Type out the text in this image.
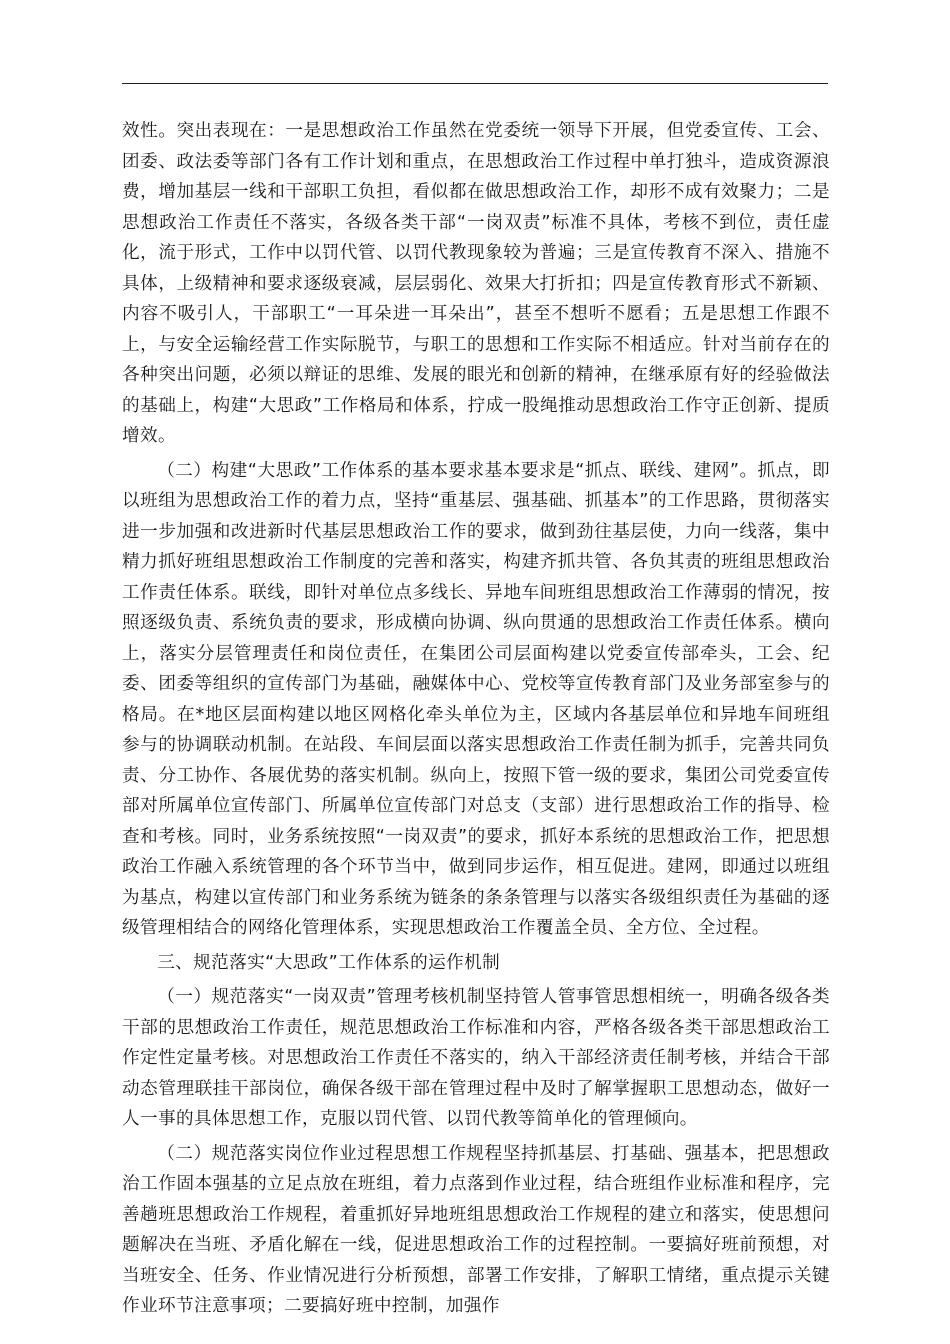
效性。突出表现在：一是思想政治工作虽然在党委统一领导下开展，但党委宣传、工会、团委、政法委等部门各有工作计划和重点，在思想政治工作过程中单打独斗，造成资源浪费，增加基层一线和干部职工负担，看似都在做思想政治工作，却形不成有效聚力；二是思想政治工作责任不落实，各级各类干部“一岗双责”标准不具体，考核不到位，责任虚化，流于形式，工作中以罚代管、以罚代教现象较为普遍；三是宣传教育不深入、措施不具体，上级精神和要求逐级衰减，层层弱化、效果大打折扣；四是宣传教育形式不新颖、内容不吸引人，干部职工“一耳朵进一耳朵出”，甚至不想听不愿看；五是思想工作跟不上，与安全运输经营工作实际脱节，与职工的思想和工作实际不相适应。针对当前存在的各种突出问题，必须以辩证的思维、发展的眼光和创新的精神，在继承原有好的经验做法的基础上，构建“大思政”工作格局和体系，拧成一股绳推动思想政治工作守正创新、提质增效。

（二）构建“大思政”工作体系的基本要求基本要求是“抓点、联线、建网”。抓点，即以班组为思想政治工作的着力点，坚持“重基层、强基础、抓基本”的工作思路，贯彻落实进一步加强和改进新时代基层思想政治工作的要求，做到劲往基层使，力向一线落，集中精力抓好班组思想政治工作制度的完善和落实，构建齐抓共管、各负其责的班组思想政治工作责任体系。联线，即针对单位点多线长、异地车间班组思想政治工作薄弱的情况，按照逐级负责、系统负责的要求，形成横向协调、纵向贯通的思想政治工作责任体系。横向上，落实分层管理责任和岗位责任，在集团公司层面构建以党委宣传部牵头，工会、纪委、团委等组织的宣传部门为基础，融媒体中心、党校等宣传教育部门及业务部室参与的格局。在*地区层面构建以地区网格化牵头单位为主，区域内各基层单位和异地车间班组参与的协调联动机制。在站段、车间层面以落实思想政治工作责任制为抓手，完善共同负责、分工协作、各展优势的落实机制。纵向上，按照下管一级的要求，集团公司党委宣传部对所属单位宣传部门、所属单位宣传部门对总支（支部）进行思想政治工作的指导、检查和考核。同时，业务系统按照“一岗双责”的要求，抓好本系统的思想政治工作，把思想政治工作融入系统管理的各个环节当中，做到同步运作，相互促进。建网，即通过以班组为基点，构建以宣传部门和业务系统为链条的条条管理与以落实各级组织责任为基础的逐级管理相结合的网络化管理体系，实现思想政治工作覆盖全员、全方位、全过程。

三、规范落实“大思政”工作体系的运作机制

（一）规范落实“一岗双责”管理考核机制坚持管人管事管思想相统一，明确各级各类干部的思想政治工作责任，规范思想政治工作标准和内容，严格各级各类干部思想政治工作定性定量考核。对思想政治工作责任不落实的，纳入干部经济责任制考核，并结合干部动态管理联挂干部岗位，确保各级干部在管理过程中及时了解掌握职工思想动态，做好一人一事的具体思想工作，克服以罚代管、以罚代教等简单化的管理倾向。

（二）规范落实岗位作业过程思想工作规程坚持抓基层、打基础、强基本，把思想政治工作固本强基的立足点放在班组，着力点落到作业过程，结合班组作业标准和程序，完善趟班思想政治工作规程，着重抓好异地班组思想政治工作规程的建立和落实，使思想问题解决在当班、矛盾化解在一线，促进思想政治工作的过程控制。一要搞好班前预想，对当班安全、任务、作业情况进行分析预想，部署工作安排，了解职工情绪，重点提示关键作业环节注意事项；二要搞好班中控制，加强作
